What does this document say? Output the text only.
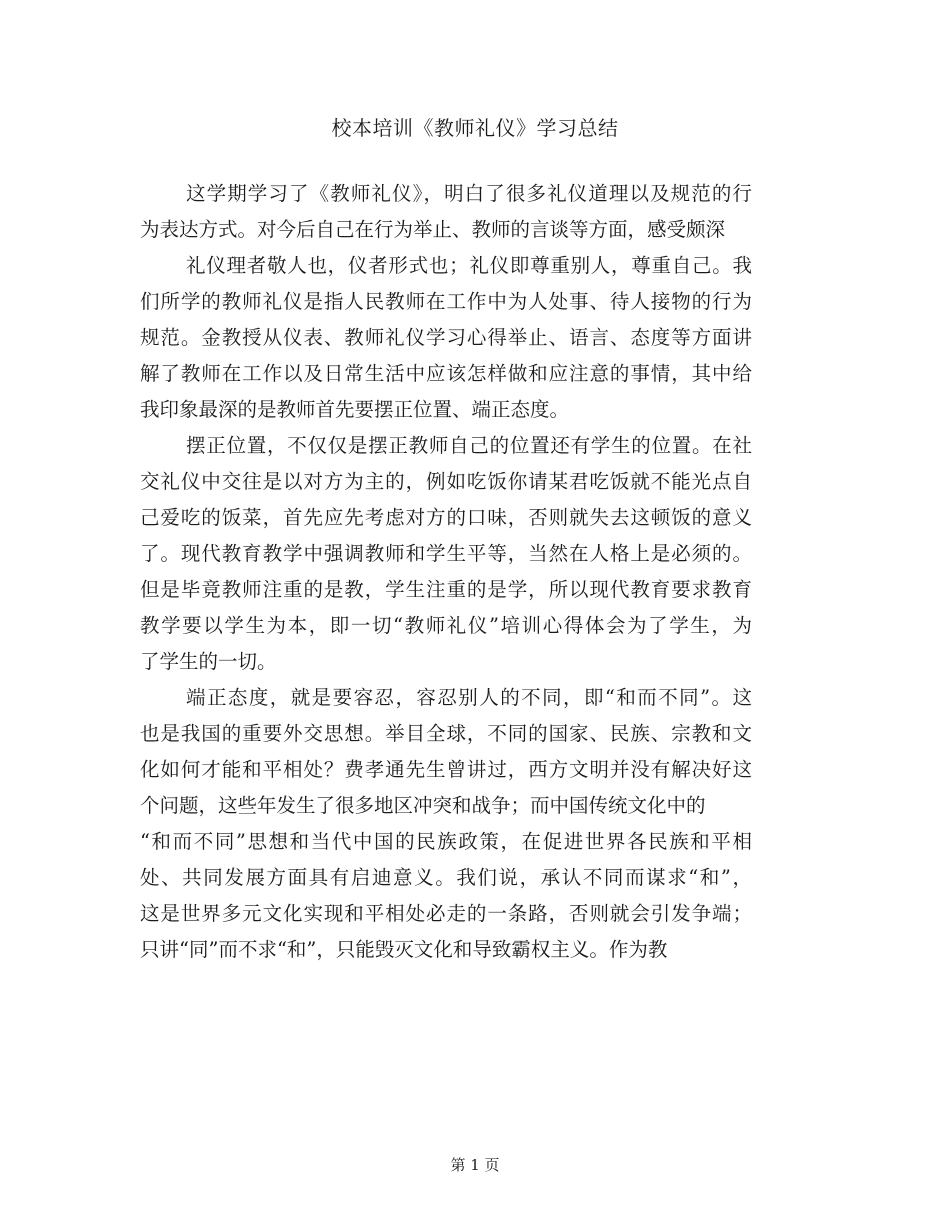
校本培训《教师礼仪》学习总结
这学期学习了《教师礼仪》，明白了很多礼仪道理以及规范的行
为表达方式。对今后自己在行为举止、教师的言谈等方面，感受颇深
礼仪理者敬人也，仪者形式也；礼仪即尊重别人，尊重自己。我
们所学的教师礼仪是指人民教师在工作中为人处事、待人接物的行为
规范。金教授从仪表、教师礼仪学习心得举止、语言、态度等方面讲
解了教师在工作以及日常生活中应该怎样做和应注意的事情，其中给
我印象最深的是教师首先要摆正位置、端正态度。
摆正位置，不仅仅是摆正教师自己的位置还有学生的位置。在社
交礼仪中交往是以对方为主的，例如吃饭你请某君吃饭就不能光点自
己爱吃的饭菜，首先应先考虑对方的口味，否则就失去这顿饭的意义
了。现代教育教学中强调教师和学生平等，当然在人格上是必须的。
但是毕竟教师注重的是教，学生注重的是学，所以现代教育要求教育
教学要以学生为本，即一切“教师礼仪”培训心得体会为了学生，为
了学生的一切。
端正态度，就是要容忍，容忍别人的不同，即“和而不同”。这
也是我国的重要外交思想。举目全球，不同的国家、民族、宗教和文
化如何才能和平相处？费孝通先生曾讲过，西方文明并没有解决好这
个问题，这些年发生了很多地区冲突和战争；而中国传统文化中的
“和而不同”思想和当代中国的民族政策，在促进世界各民族和平相
处、共同发展方面具有启迪意义。我们说，承认不同而谋求“和”，
这是世界多元文化实现和平相处必走的一条路，否则就会引发争端；
只讲“同”而不求“和”，只能毁灭文化和导致霸权主义。作为教
第 1 页
